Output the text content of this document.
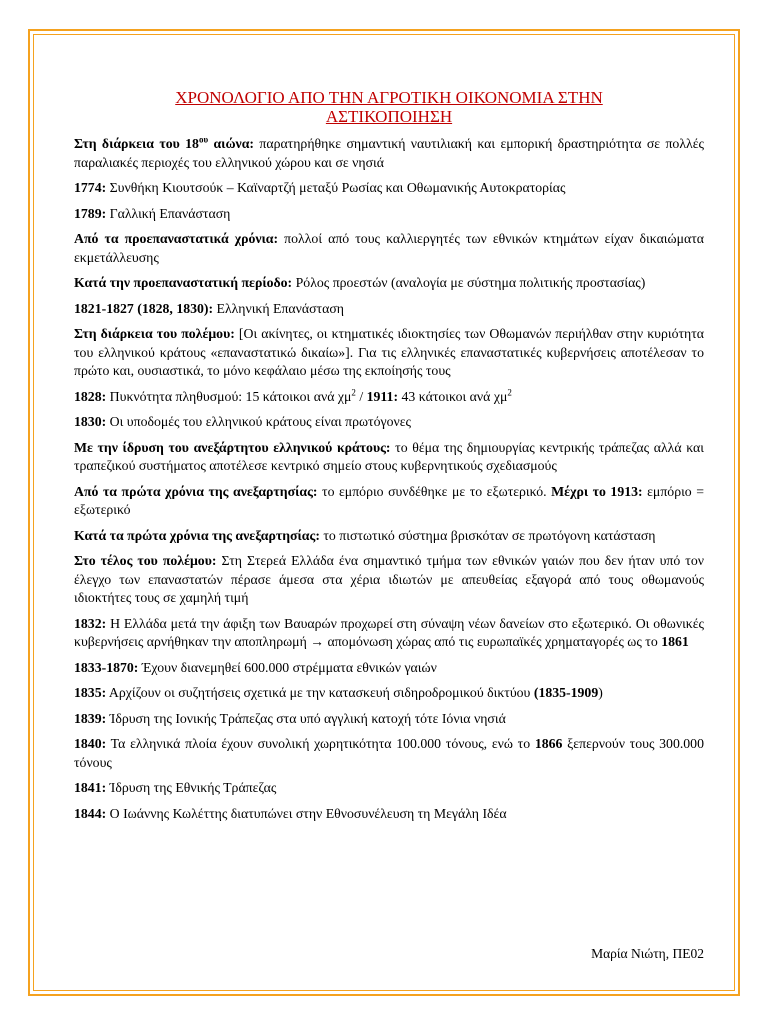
ΧΡΟΝΟΛΟΓΙΟ ΑΠΟ ΤΗΝ ΑΓΡΟΤΙΚΗ ΟΙΚΟΝΟΜΙΑ ΣΤΗΝ
ΑΣΤΙΚΟΠΟΙΗΣΗ

Στη διάρκεια του $18^{o\upsilon}$ αιώνα: παρατηρήθηκε σημαντική ναυτιλιακή και εμπορική δραστηριότητα σε πολλές παραλιακές περιοχές του ελληνικού χώρου και σε νησιά

1774: Συνθήκη Κιουτσούκ – Καϊναρτζή μεταξύ Ρωσίας και Οθωμανικής Αυτοκρατορίας

1789: Γαλλική Επανάσταση

Από τα προεπαναστατικά χρόνια: πολλοί από τους καλλιεργητές των εθνικών κτημάτων είχαν δικαιώματα εκμετάλλευσης

Κατά την προεπαναστατική περίοδο: Ρόλος προεστών (αναλογία με σύστημα πολιτικής προστασίας)

1821-1827 (1828, 1830): Ελληνική Επανάσταση

Στη διάρκεια του πολέμου: [Οι ακίνητες, οι κτηματικές ιδιοκτησίες των Οθωμανών περιήλθαν στην κυριότητα του ελληνικού κράτους «επαναστατικώ δικαίω»]. Για τις ελληνικές επαναστατικές κυβερνήσεις αποτέλεσαν το πρώτο και, ουσιαστικά, το μόνο κεφάλαιο μέσω της εκποίησής τους

1828: Πυκνότητα πληθυσμού: 15 κάτοικοι ανά $\chi\mu^2 / 1911$: 43 κάτοικοι ανά $\chi\mu^2$

1830: Οι υποδομές του ελληνικού κράτους είναι πρωτόγονες

Με την ίδρυση του ανεξάρτητου ελληνικού κράτους: το θέμα της δημιουργίας κεντρικής τράπεζας αλλά και τραπεζικού συστήματος αποτέλεσε κεντρικό σημείο στους κυβερνητικούς σχεδιασμούς

Από τα πρώτα χρόνια της ανεξαρτησίας: το εμπόριο συνδέθηκε με το εξωτερικό. Μέχρι το 1913: εμπόριο = εξωτερικό

Κατά τα πρώτα χρόνια της ανεξαρτησίας: το πιστωτικό σύστημα βρισκόταν σε πρωτόγονη κατάσταση

Στο τέλος του πολέμου: Στη Στερεά Ελλάδα ένα σημαντικό τμήμα των εθνικών γαιών που δεν ήταν υπό τον έλεγχο των επαναστατών πέρασε άμεσα στα χέρια ιδιωτών με απευθείας εξαγορά από τους οθωμανούς ιδιοκτήτες τους σε χαμηλή τιμή

1832: Η Ελλάδα μετά την άφιξη των Βαυαρών προχωρεί στη σύναψη νέων δανείων στο εξωτερικό. Οι οθωνικές κυβερνήσεις αρνήθηκαν την αποπληρωμή → απομόνωση χώρας από τις ευρωπαϊκές χρηματαγορές ως το 1861

1833-1870: Έχουν διανεμηθεί 600.000 στρέμματα εθνικών γαιών

1835: Αρχίζουν οι συζητήσεις σχετικά με την κατασκευή σιδηροδρομικού δικτύου (1835-1909)

1839: Ίδρυση της Ιονικής Τράπεζας στα υπό αγγλική κατοχή τότε Ιόνια νησιά

1840: Τα ελληνικά πλοία έχουν συνολική χωρητικότητα 100.000 τόνους, ενώ το 1866 ξεπερνούν τους 300.000 τόνους

1841: Ίδρυση της Εθνικής Τράπεζας

1844: Ο Ιωάννης Κωλέττης διατυπώνει στην Εθνοσυνέλευση τη Μεγάλη Ιδέα

Μαρία Νιώτη, ΠΕ02
